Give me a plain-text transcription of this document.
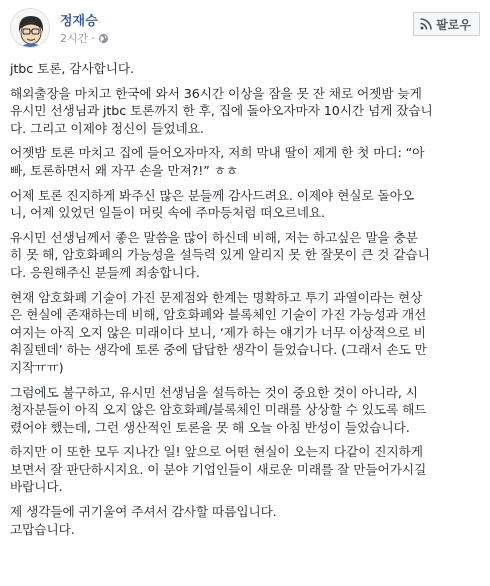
정재승
2시간 ·
팔로우

jtbc 토론, 감사합니다.

해외출장을 마치고 한국에 와서 36시간 이상을 잠을 못 잔 채로 어젯밤 늦게
유시민 선생님과 jtbc 토론까지 한 후, 집에 돌아오자마자 10시간 넘게 잤습니
다. 그리고 이제야 정신이 들었네요.

어젯밤 토론 마치고 집에 들어오자마자, 저희 막내 딸이 제게 한 첫 마디: “아
빠, 토론하면서 왜 자꾸 손을 만져?!” ㅎㅎ

어제 토론 진지하게 봐주신 많은 분들께 감사드려요. 이제야 현실로 돌아오
니, 어제 있었던 일들이 머릿 속에 주마등처럼 떠오르네요.

유시민 선생님께서 좋은 말씀을 많이 하신데 비해, 저는 하고싶은 말을 충분
히 못 해, 암호화폐의 가능성을 설득력 있게 알리지 못 한 잘못이 큰 것 같습니
다. 응원해주신 분들께 죄송합니다.

현재 암호화폐 기술이 가진 문제점와 한계는 명확하고 투기 과열이라는 현상
은 현실에 존재하는데 비해, 암호화폐와 블록체인 기술이 가진 가능성과 개선
여지는 아직 오지 않은 미래이다 보니, ‘제가 하는 얘기가 너무 이상적으로 비
춰질텐데’ 하는 생각에 토론 중에 답답한 생각이 들었습니다. (그래서 손도 만
지작ㅠㅠ)

그럼에도 불구하고, 유시민 선생님을 설득하는 것이 중요한 것이 아니라, 시
청자분들이 아직 오지 않은 암호화폐/블록체인 미래를 상상할 수 있도록 해드
렸어야 했는데, 그런 생산적인 토론을 못 해 오늘 아침 반성이 들었습니다.

하지만 이 또한 모두 지나간 일! 앞으로 어떤 현실이 오는지 다같이 진지하게
보면서 잘 판단하시지요. 이 분야 기업인들이 새로운 미래를 잘 만들어가시길
바랍니다.

제 생각들에 귀기울여 주셔서 감사할 따름입니다.
고맙습니다.
